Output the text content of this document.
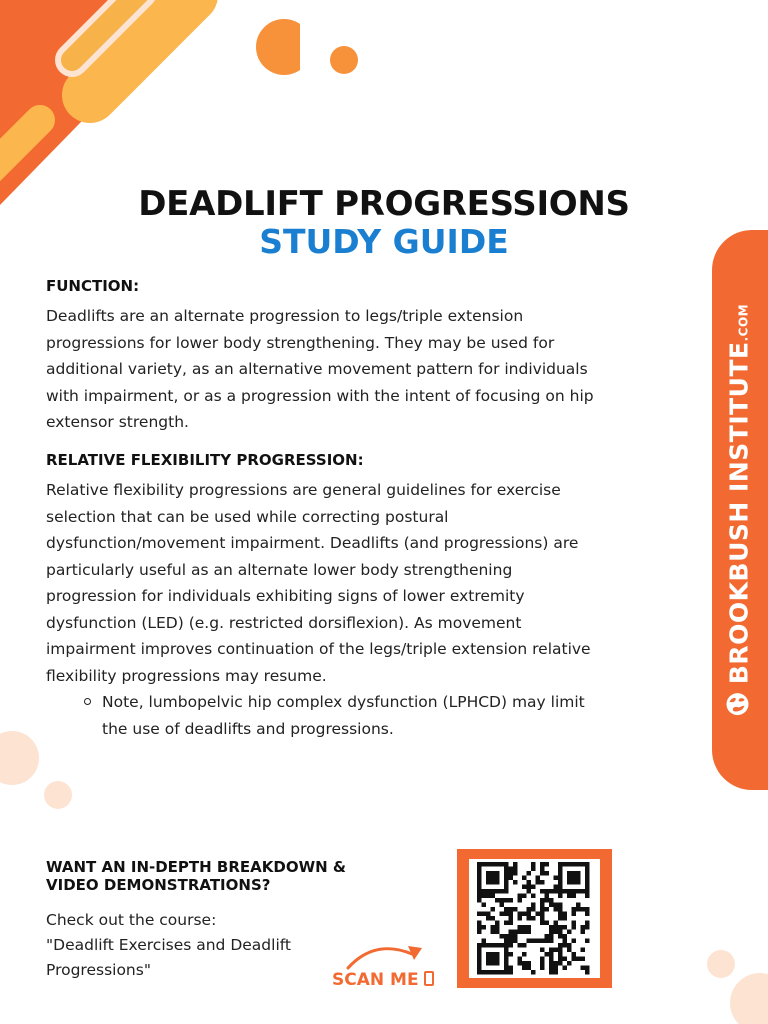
DEADLIFT PROGRESSIONS
STUDY GUIDE
FUNCTION:
Deadlifts are an alternate progression to legs/triple extension
progressions for lower body strengthening. They may be used for
additional variety, as an alternative movement pattern for individuals
with impairment, or as a progression with the intent of focusing on hip
extensor strength.
RELATIVE FLEXIBILITY PROGRESSION:
Relative flexibility progressions are general guidelines for exercise
selection that can be used while correcting postural
dysfunction/movement impairment. Deadlifts (and progressions) are
particularly useful as an alternate lower body strengthening
progression for individuals exhibiting signs of lower extremity
dysfunction (LED) (e.g. restricted dorsiflexion). As movement
impairment improves continuation of the legs/triple extension relative
flexibility progressions may resume.
Note, lumbopelvic hip complex dysfunction (LPHCD) may limit
the use of deadlifts and progressions.
BROOKBUSH INSTITUTE.COM
WANT AN IN-DEPTH BREAKDOWN &
VIDEO DEMONSTRATIONS?
Check out the course:
"Deadlift Exercises and Deadlift
Progressions"	SCAN ME
